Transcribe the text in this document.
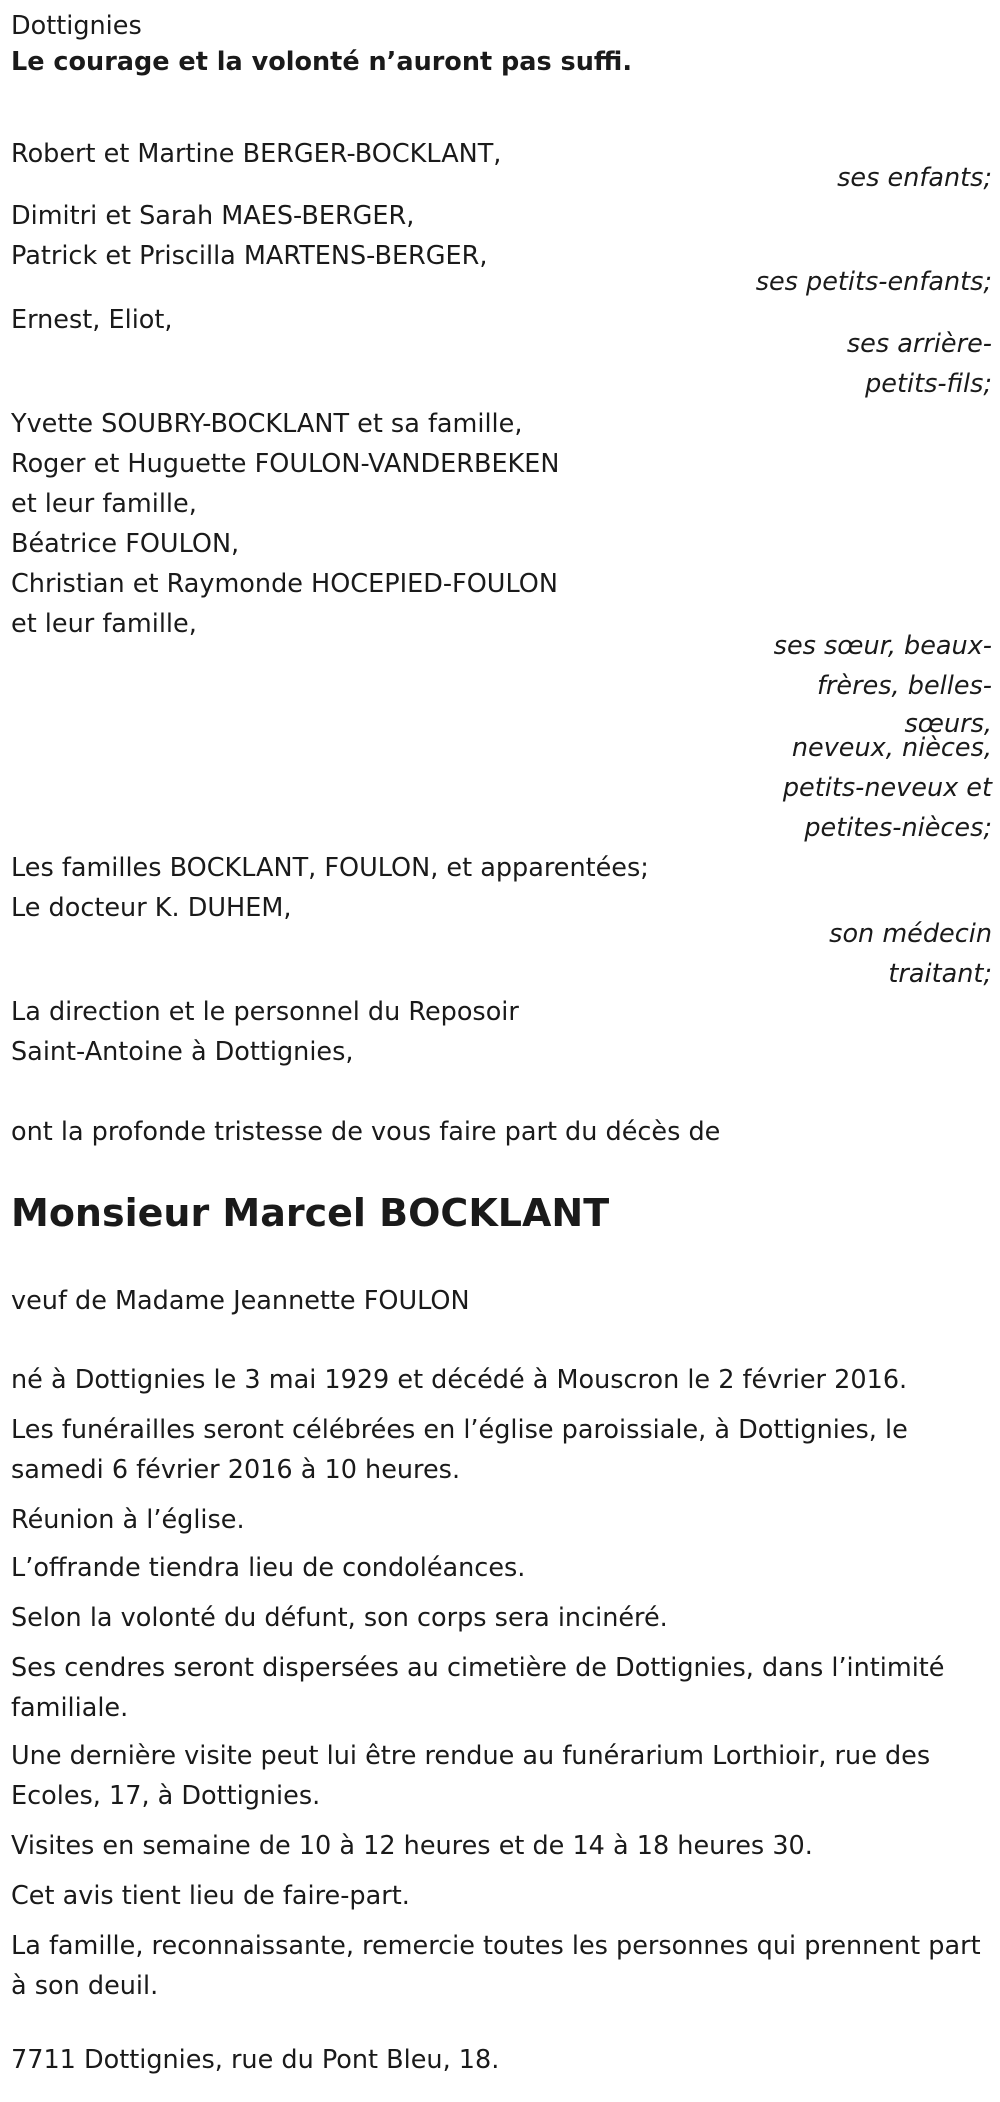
Dottignies
Le courage et la volonté n’auront pas suffi.
Robert et Martine BERGER-BOCKLANT,
ses enfants;
Dimitri et Sarah MAES-BERGER,
Patrick et Priscilla MARTENS-BERGER,
ses petits-enfants;
Ernest, Eliot,
ses arrière-
petits-fils;
Yvette SOUBRY-BOCKLANT et sa famille,
Roger et Huguette FOULON-VANDERBEKEN
et leur famille,
Béatrice FOULON,
Christian et Raymonde HOCEPIED-FOULON
et leur famille,
ses sœur, beaux-
frères, belles-
sœurs,
neveux, nièces,
petits-neveux et
petites-nièces;
Les familles BOCKLANT, FOULON, et apparentées;
Le docteur K. DUHEM,
son médecin
traitant;
La direction et le personnel du Reposoir
Saint-Antoine à Dottignies,
ont la profonde tristesse de vous faire part du décès de
Monsieur Marcel BOCKLANT
veuf de Madame Jeannette FOULON
né à Dottignies le 3 mai 1929 et décédé à Mouscron le 2 février 2016.
Les funérailles seront célébrées en l’église paroissiale, à Dottignies, le samedi 6 février 2016 à 10 heures.
Réunion à l’église.
L’offrande tiendra lieu de condoléances.
Selon la volonté du défunt, son corps sera incinéré.
Ses cendres seront dispersées au cimetière de Dottignies, dans l’intimité familiale.
Une dernière visite peut lui être rendue au funérarium Lorthioir, rue des Ecoles, 17, à Dottignies.
Visites en semaine de 10 à 12 heures et de 14 à 18 heures 30.
Cet avis tient lieu de faire-part.
La famille, reconnaissante, remercie toutes les personnes qui prennent part à son deuil.
7711 Dottignies, rue du Pont Bleu, 18.
